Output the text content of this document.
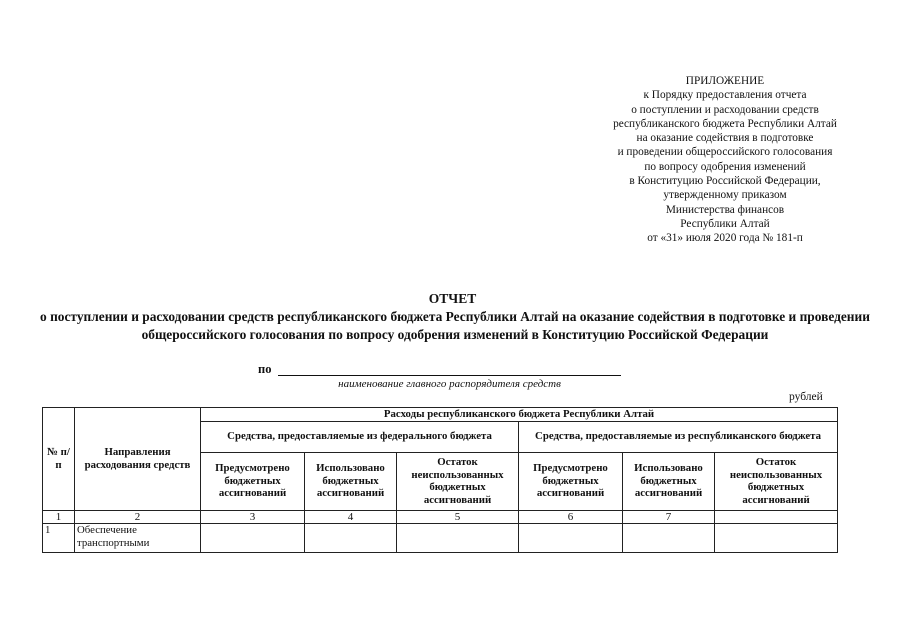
ПРИЛОЖЕНИЕ
к Порядку предоставления отчета
о поступлении и расходовании средств
республиканского бюджета Республики Алтай
на оказание содействия в подготовке
и проведении общероссийского голосования
по вопросу одобрения изменений
в Конституцию Российской Федерации,
утвержденному приказом
Министерства финансов
Республики Алтай
от «31» июля 2020 года № 181-п
ОТЧЕТ
о поступлении и расходовании средств республиканского бюджета Республики Алтай на оказание содействия в подготовке и проведении общероссийского голосования по вопросу одобрения изменений в Конституцию Российской Федерации
по
наименование главного распорядителя средств
рублей
№ п/п	Направления расходования средств	Расходы республиканского бюджета Республики Алтай					
		Средства, предоставляемые из федерального бюджета			Средства, предоставляемые из республиканского бюджета		
		Предусмотрено бюджетных ассигнований	Использовано бюджетных ассигнований	Остаток неиспользованных бюджетных ассигнований	Предусмотрено бюджетных ассигнований	Использовано бюджетных ассигнований	Остаток неиспользованных бюджетных ассигнований
1	2	3	4	5	6	7	
1	Обеспечение транспортными						
